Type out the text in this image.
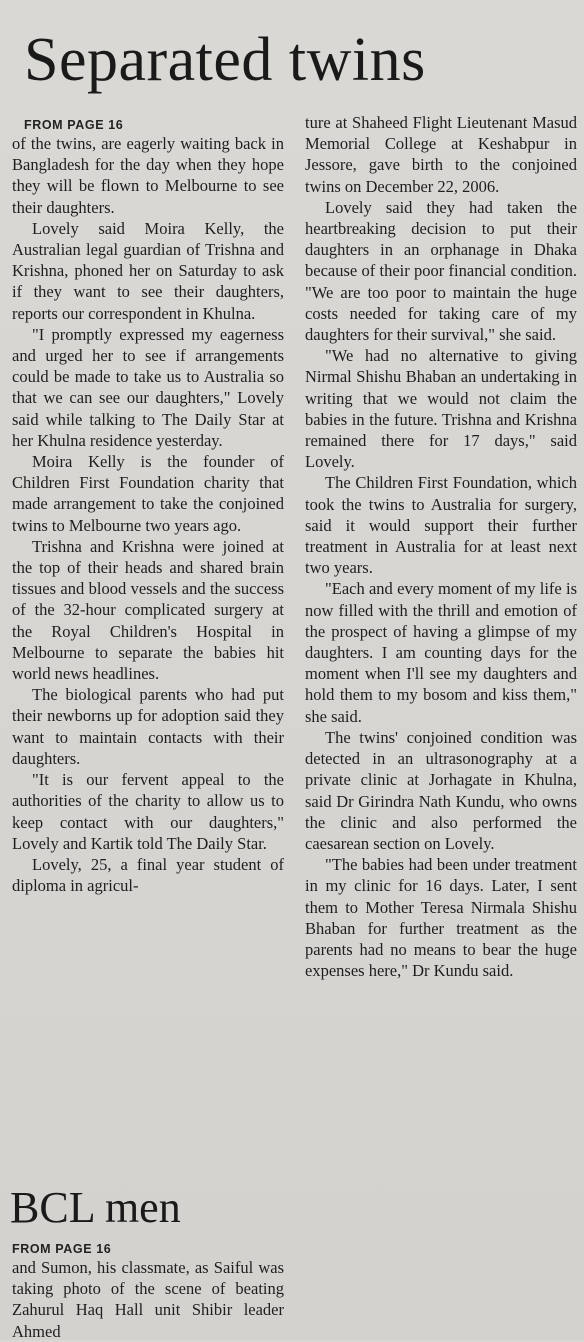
Separated twins
FROM PAGE 16

of the twins, are eagerly waiting back in Bangladesh for the day when they hope they will be flown to Melbourne to see their daughters.

Lovely said Moira Kelly, the Australian legal guardian of Trishna and Krishna, phoned her on Saturday to ask if they want to see their daughters, reports our correspondent in Khulna.

"I promptly expressed my eagerness and urged her to see if arrangements could be made to take us to Australia so that we can see our daughters," Lovely said while talking to The Daily Star at her Khulna residence yesterday.

Moira Kelly is the founder of Children First Foundation charity that made arrangement to take the conjoined twins to Melbourne two years ago.

Trishna and Krishna were joined at the top of their heads and shared brain tissues and blood vessels and the success of the 32-hour complicated surgery at the Royal Children's Hospital in Melbourne to separate the babies hit world news headlines.

The biological parents who had put their newborns up for adoption said they want to maintain contacts with their daughters.

"It is our fervent appeal to the authorities of the charity to allow us to keep contact with our daughters," Lovely and Kartik told The Daily Star.

Lovely, 25, a final year student of diploma in agricul-

ture at Shaheed Flight Lieutenant Masud Memorial College at Keshabpur in Jessore, gave birth to the conjoined twins on December 22, 2006.

Lovely said they had taken the heartbreaking decision to put their daughters in an orphanage in Dhaka because of their poor financial condition. "We are too poor to maintain the huge costs needed for taking care of my daughters for their survival," she said.

"We had no alternative to giving Nirmal Shishu Bhaban an undertaking in writing that we would not claim the babies in the future. Trishna and Krishna remained there for 17 days," said Lovely.

The Children First Foundation, which took the twins to Australia for surgery, said it would support their further treatment in Australia for at least next two years.

"Each and every moment of my life is now filled with the thrill and emotion of the prospect of having a glimpse of my daughters. I am counting days for the moment when I'll see my daughters and hold them to my bosom and kiss them," she said.

The twins' conjoined condition was detected in an ultrasonography at a private clinic at Jorhagate in Khulna, said Dr Girindra Nath Kundu, who owns the clinic and also performed the caesarean section on Lovely.

"The babies had been under treatment in my clinic for 16 days. Later, I sent them to Mother Teresa Nirmala Shishu Bhaban for further treatment as the parents had no means to bear the huge expenses here," Dr Kundu said.

BCL men
FROM PAGE 16

and Sumon, his classmate, as Saiful was taking photo of the scene of beating Zahurul Haq Hall unit Shibir leader Ahmed
